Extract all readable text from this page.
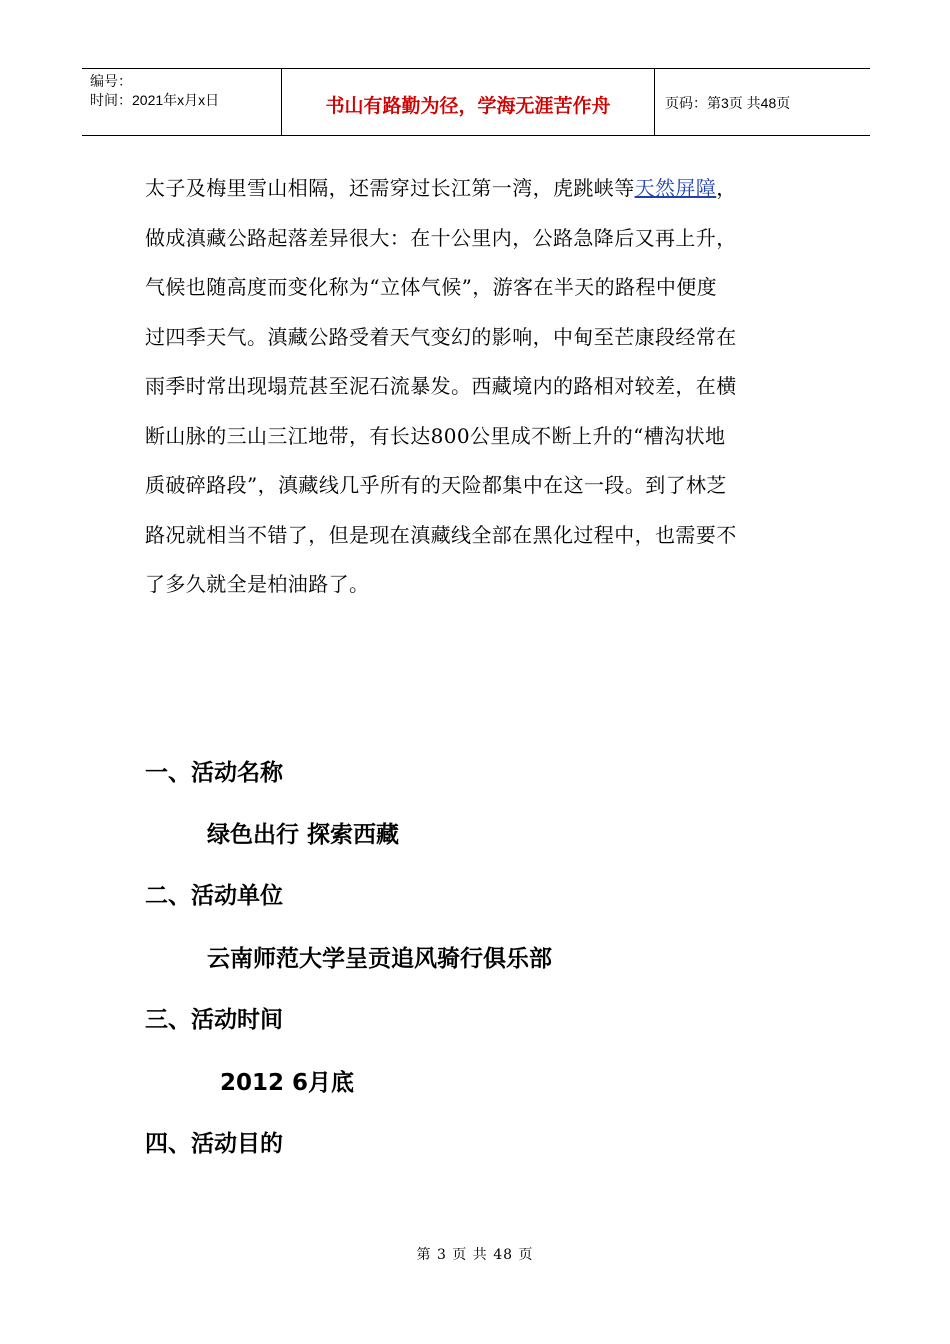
编号：
时间：2021年x月x日	书山有路勤为径，学海无涯苦作舟	页码：第3页 共48页
太子及梅里雪山相隔，还需穿过长江第一湾，虎跳峡等天然屏障，
做成滇藏公路起落差异很大：在十公里内，公路急降后又再上升，
气候也随高度而变化称为“立体气候”，游客在半天的路程中便度
过四季天气。滇藏公路受着天气变幻的影响，中甸至芒康段经常在
雨季时常出现塌荒甚至泥石流暴发。西藏境内的路相对较差，在横
断山脉的三山三江地带，有长达800公里成不断上升的“槽沟状地
质破碎路段”，滇藏线几乎所有的天险都集中在这一段。到了林芝
路况就相当不错了，但是现在滇藏线全部在黑化过程中，也需要不
了多久就全是柏油路了。
一、活动名称
绿色出行 探索西藏
二、活动单位
云南师范大学呈贡追风骑行俱乐部
三、活动时间
2012 6月底
四、活动目的
第 3 页 共 48 页
